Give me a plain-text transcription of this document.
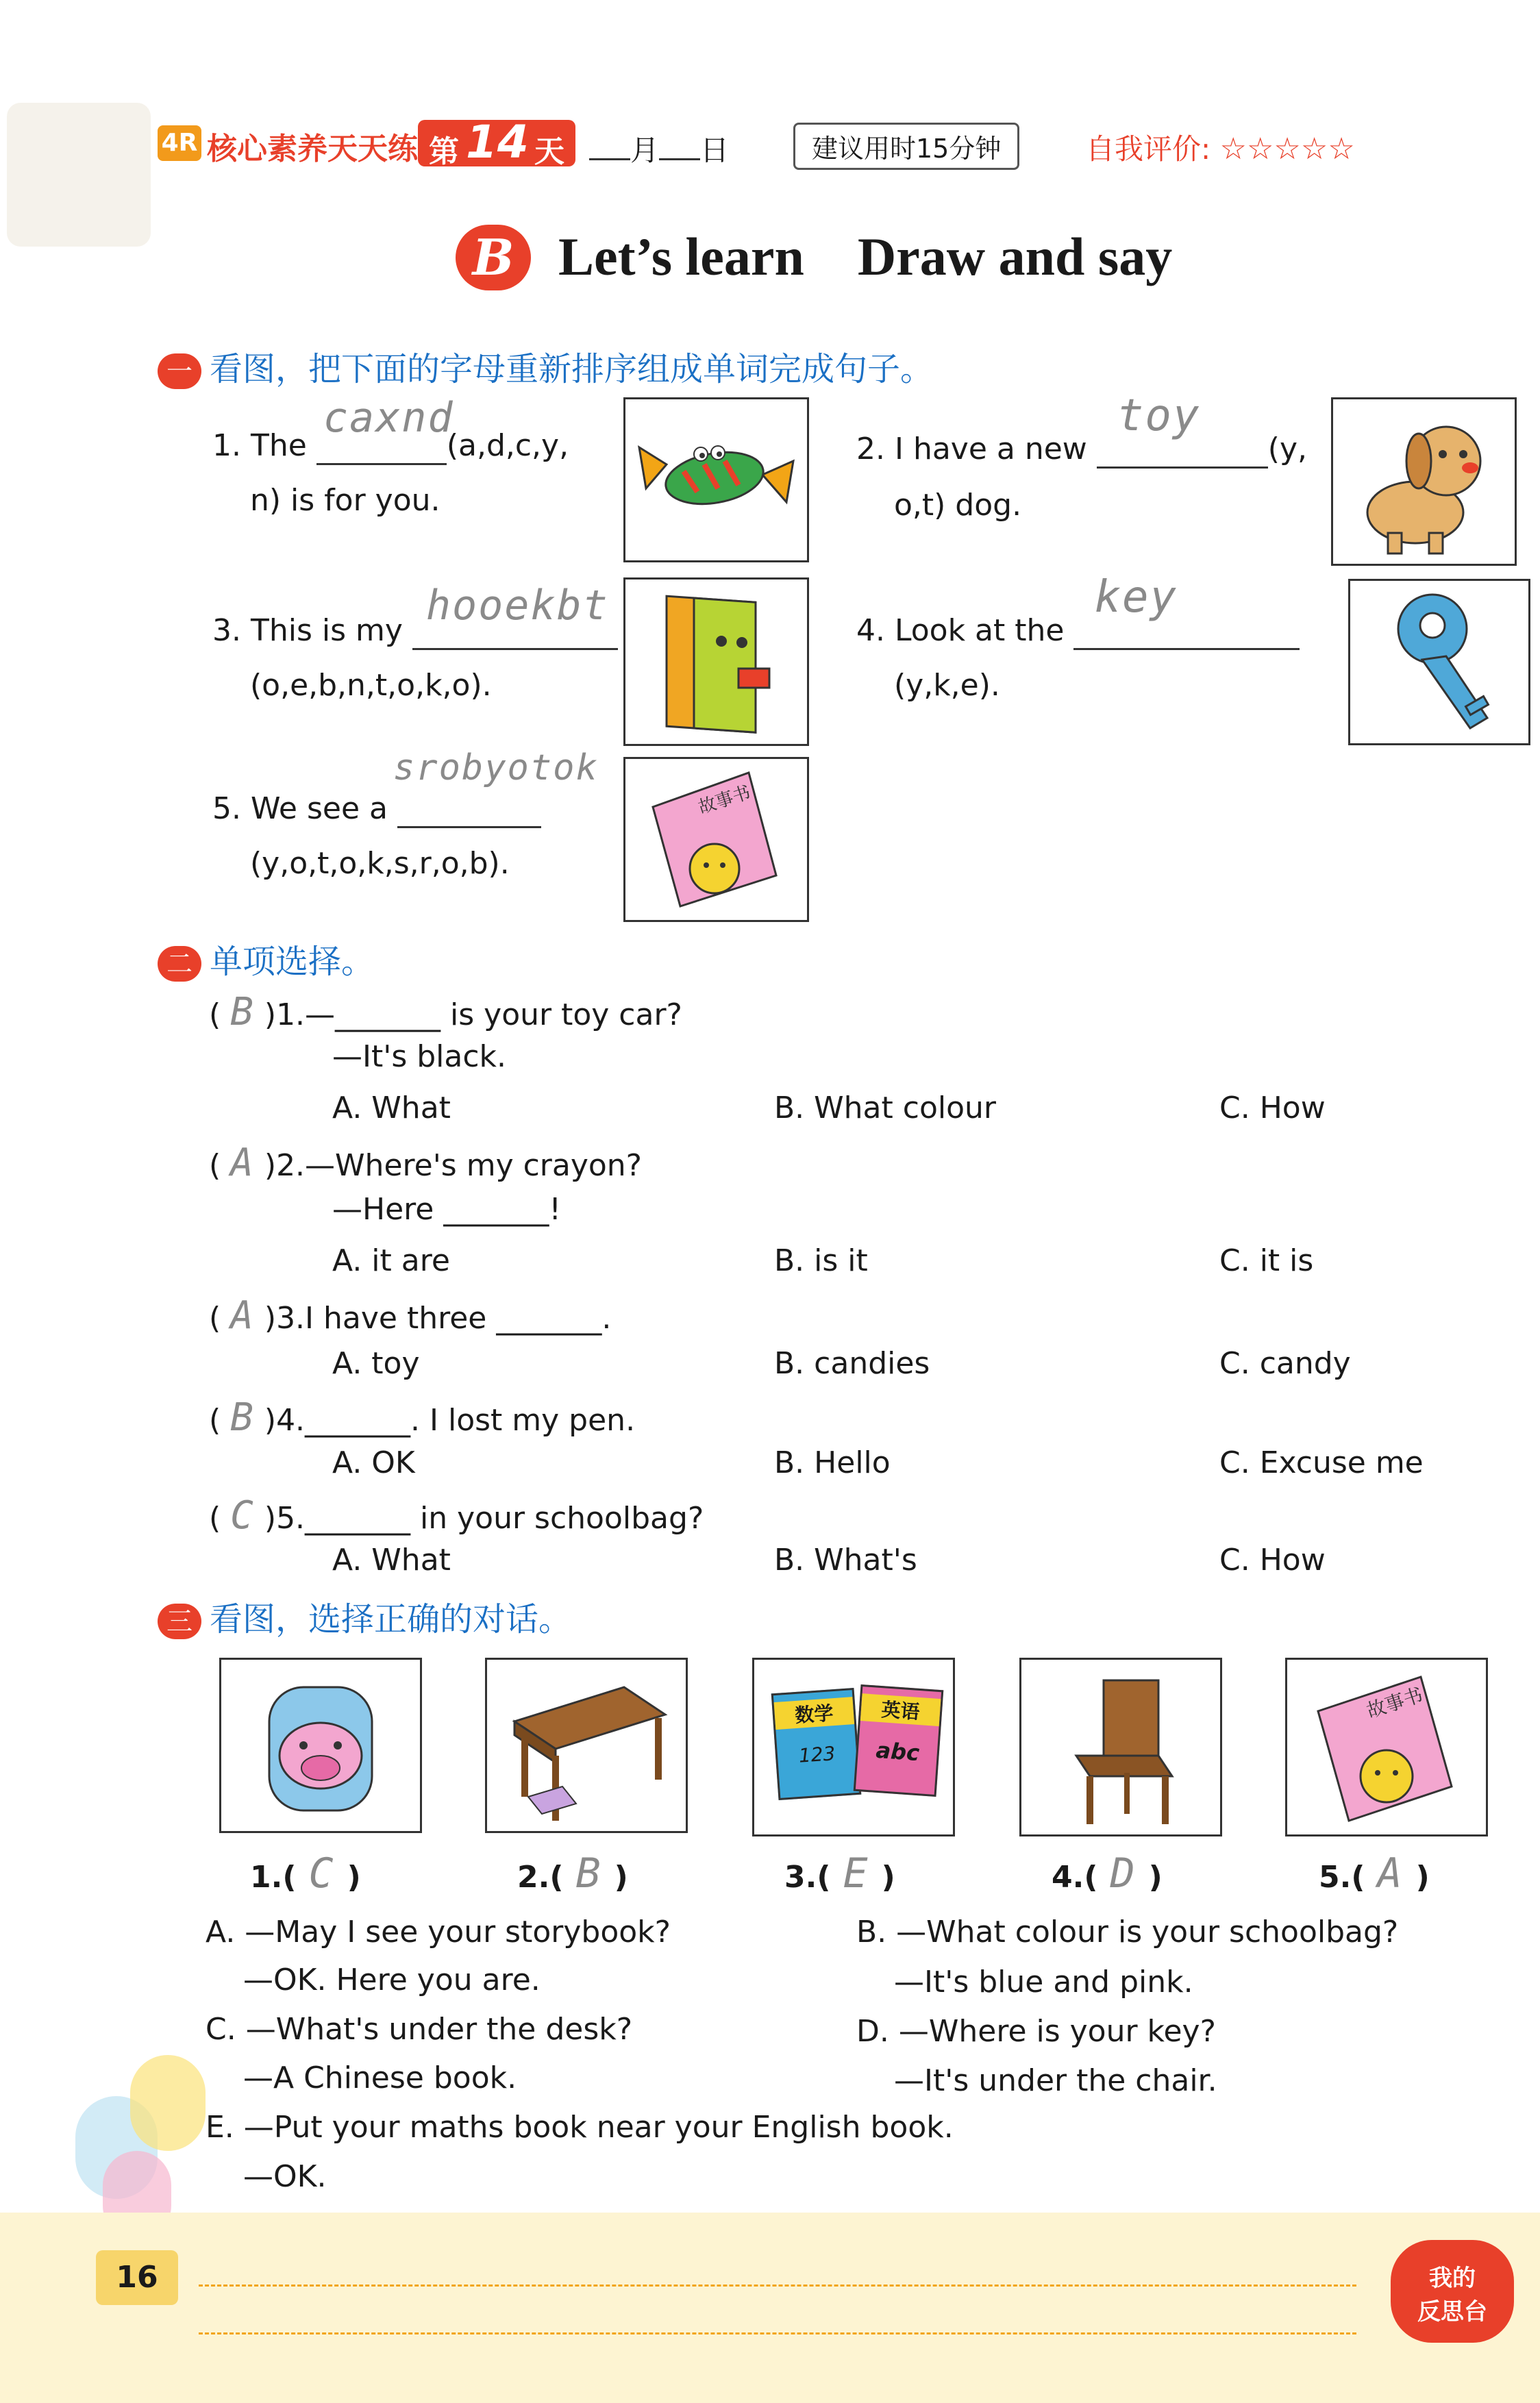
4R 核心素养天天练 第 14 天	月 日	建议用时15分钟	自我评价: ☆☆☆☆☆
B Let’s learn    Draw and say
一 看图，把下面的字母重新排序组成单词完成句子。
1. The
caxnd
(a,d,c,y,
n) is for you.
2. I have a new
toy
(y,
o,t) dog.
3. This is my
hooekbt

(o,e,b,n,t,o,k,o).
4. Look at the
key

(y,k,e).
5. We see a
srobyotok

(y,o,t,o,k,s,r,o,b).
故事书
二 单项选择。
( B )1.—_______ is your toy car?
—It's black.
A. What	B. What colour	C. How
( A )2.—Where's my crayon?
—Here _______!
A. it are	B. is it	C. it is
( A )3.I have three _______.
A. toy	B. candies	C. candy
( B )4._______. I lost my pen.
A. OK	B. Hello	C. Excuse me
( C )5._______ in your schoolbag?
A. What	B. What's	C. How
三 看图，选择正确的对话。
数学
123
英语
abc
故事书
1.( C )	2.( B )	3.( E )	4.( D )	5.( A )
A. —May I see your storybook?
—OK. Here you are.
B. —What colour is your schoolbag?
—It's blue and pink.
C. —What's under the desk?
—A Chinese book.
D. —Where is your key?
—It's under the chair.
E. —Put your maths book near your English book.
—OK.
16	我的
反思台
